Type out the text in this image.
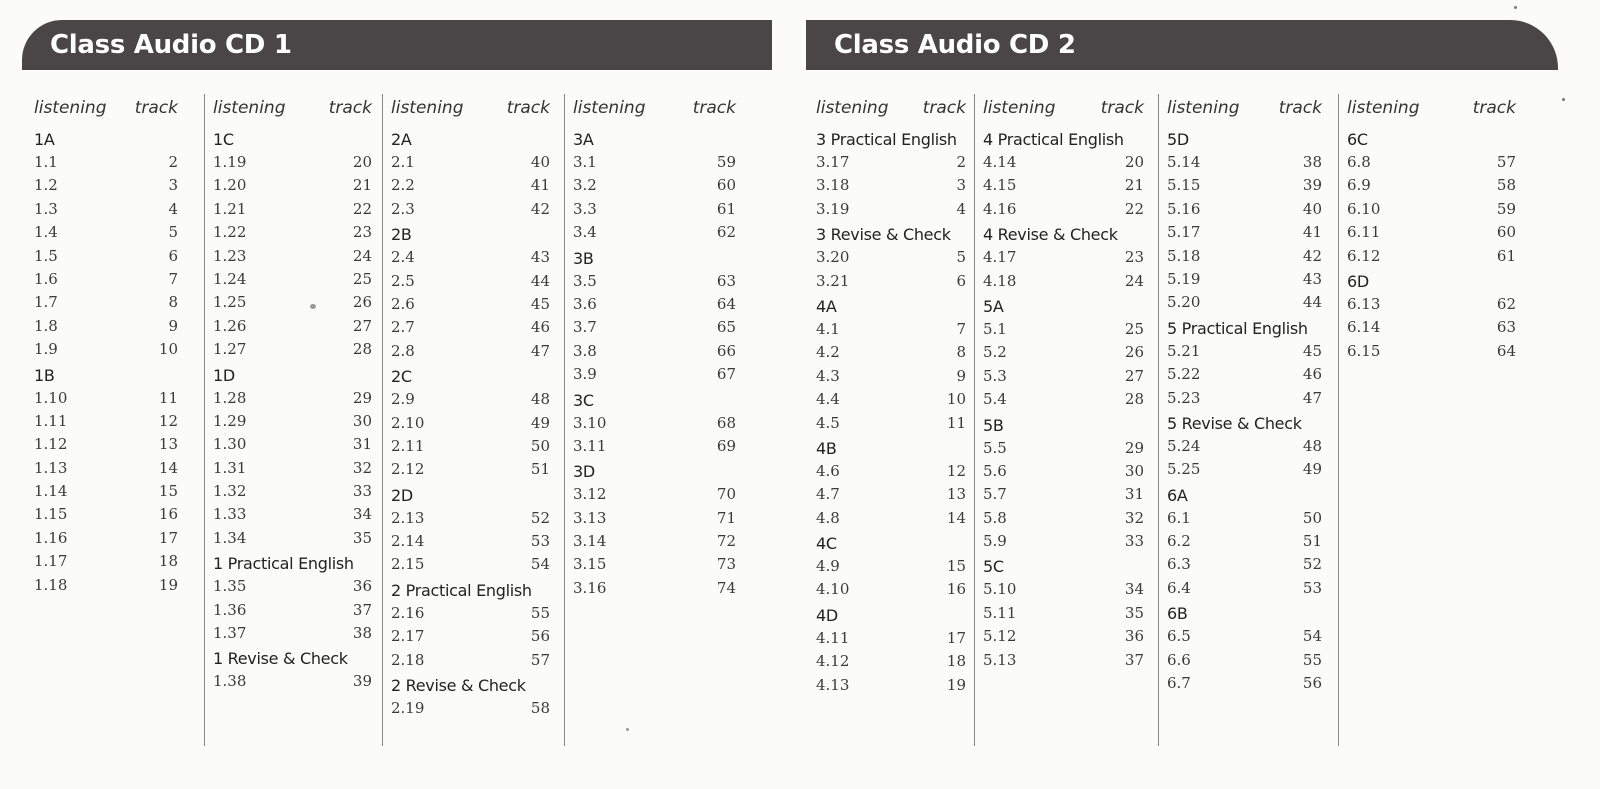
Class Audio CD 1	Class Audio CD 2
listening track
1A
1.1	2
1.2	3
1.3	4
1.4	5
1.5	6
1.6	7
1.7	8
1.8	9
1.9	10
1B
1.10	11
1.11	12
1.12	13
1.13	14
1.14	15
1.15	16
1.16	17
1.17	18
1.18	19
listening	track
1C
1.19	20
1.20	21
1.21	22
1.22	23
1.23	24
1.24	25
1.25	26
1.26	27
1.27	28
1D
1.28	29
1.29	30
1.30	31
1.31	32
1.32	33
1.33	34
1.34	35
1 Practical English
1.35	36
1.36	37
1.37	38
1 Revise & Check
1.38	39
listening	track
2A
2.1	40
2.2	41
2.3	42
2B
2.4	43
2.5	44
2.6	45
2.7	46
2.8	47
2C
2.9	48
2.10	49
2.11	50
2.12	51
2D
2.13	52
2.14	53
2.15	54
2 Practical English
2.16	55
2.17	56
2.18	57
2 Revise & Check
2.19	58
listening	track
3A
3.1	59
3.2	60
3.3	61
3.4	62
3B
3.5	63
3.6	64
3.7	65
3.8	66
3.9	67
3C
3.10	68
3.11	69
3D
3.12	70
3.13	71
3.14	72
3.15	73
3.16	74
listening track
3 Practical English
3.17	2
3.18	3
3.19	4
3 Revise & Check
3.20	5
3.21	6
4A
4.1	7
4.2	8
4.3	9
4.4	10
4.5	11
4B
4.6	12
4.7	13
4.8	14
4C
4.9	15
4.10	16
4D
4.11	17
4.12	18
4.13	19
listening	track
4 Practical English
4.14	20
4.15	21
4.16	22
4 Revise & Check
4.17	23
4.18	24
5A
5.1	25
5.2	26
5.3	27
5.4	28
5B
5.5	29
5.6	30
5.7	31
5.8	32
5.9	33
5C
5.10	34
5.11	35
5.12	36
5.13	37
listening track
5D
5.14	38
5.15	39
5.16	40
5.17	41
5.18	42
5.19	43
5.20	44
5 Practical English
5.21	45
5.22	46
5.23	47
5 Revise & Check
5.24	48
5.25	49
6A
6.1	50
6.2	51
6.3	52
6.4	53
6B
6.5	54
6.6	55
6.7	56
listening	track
6C
6.8	57
6.9	58
6.10	59
6.11	60
6.12	61
6D
6.13	62
6.14	63
6.15	64
